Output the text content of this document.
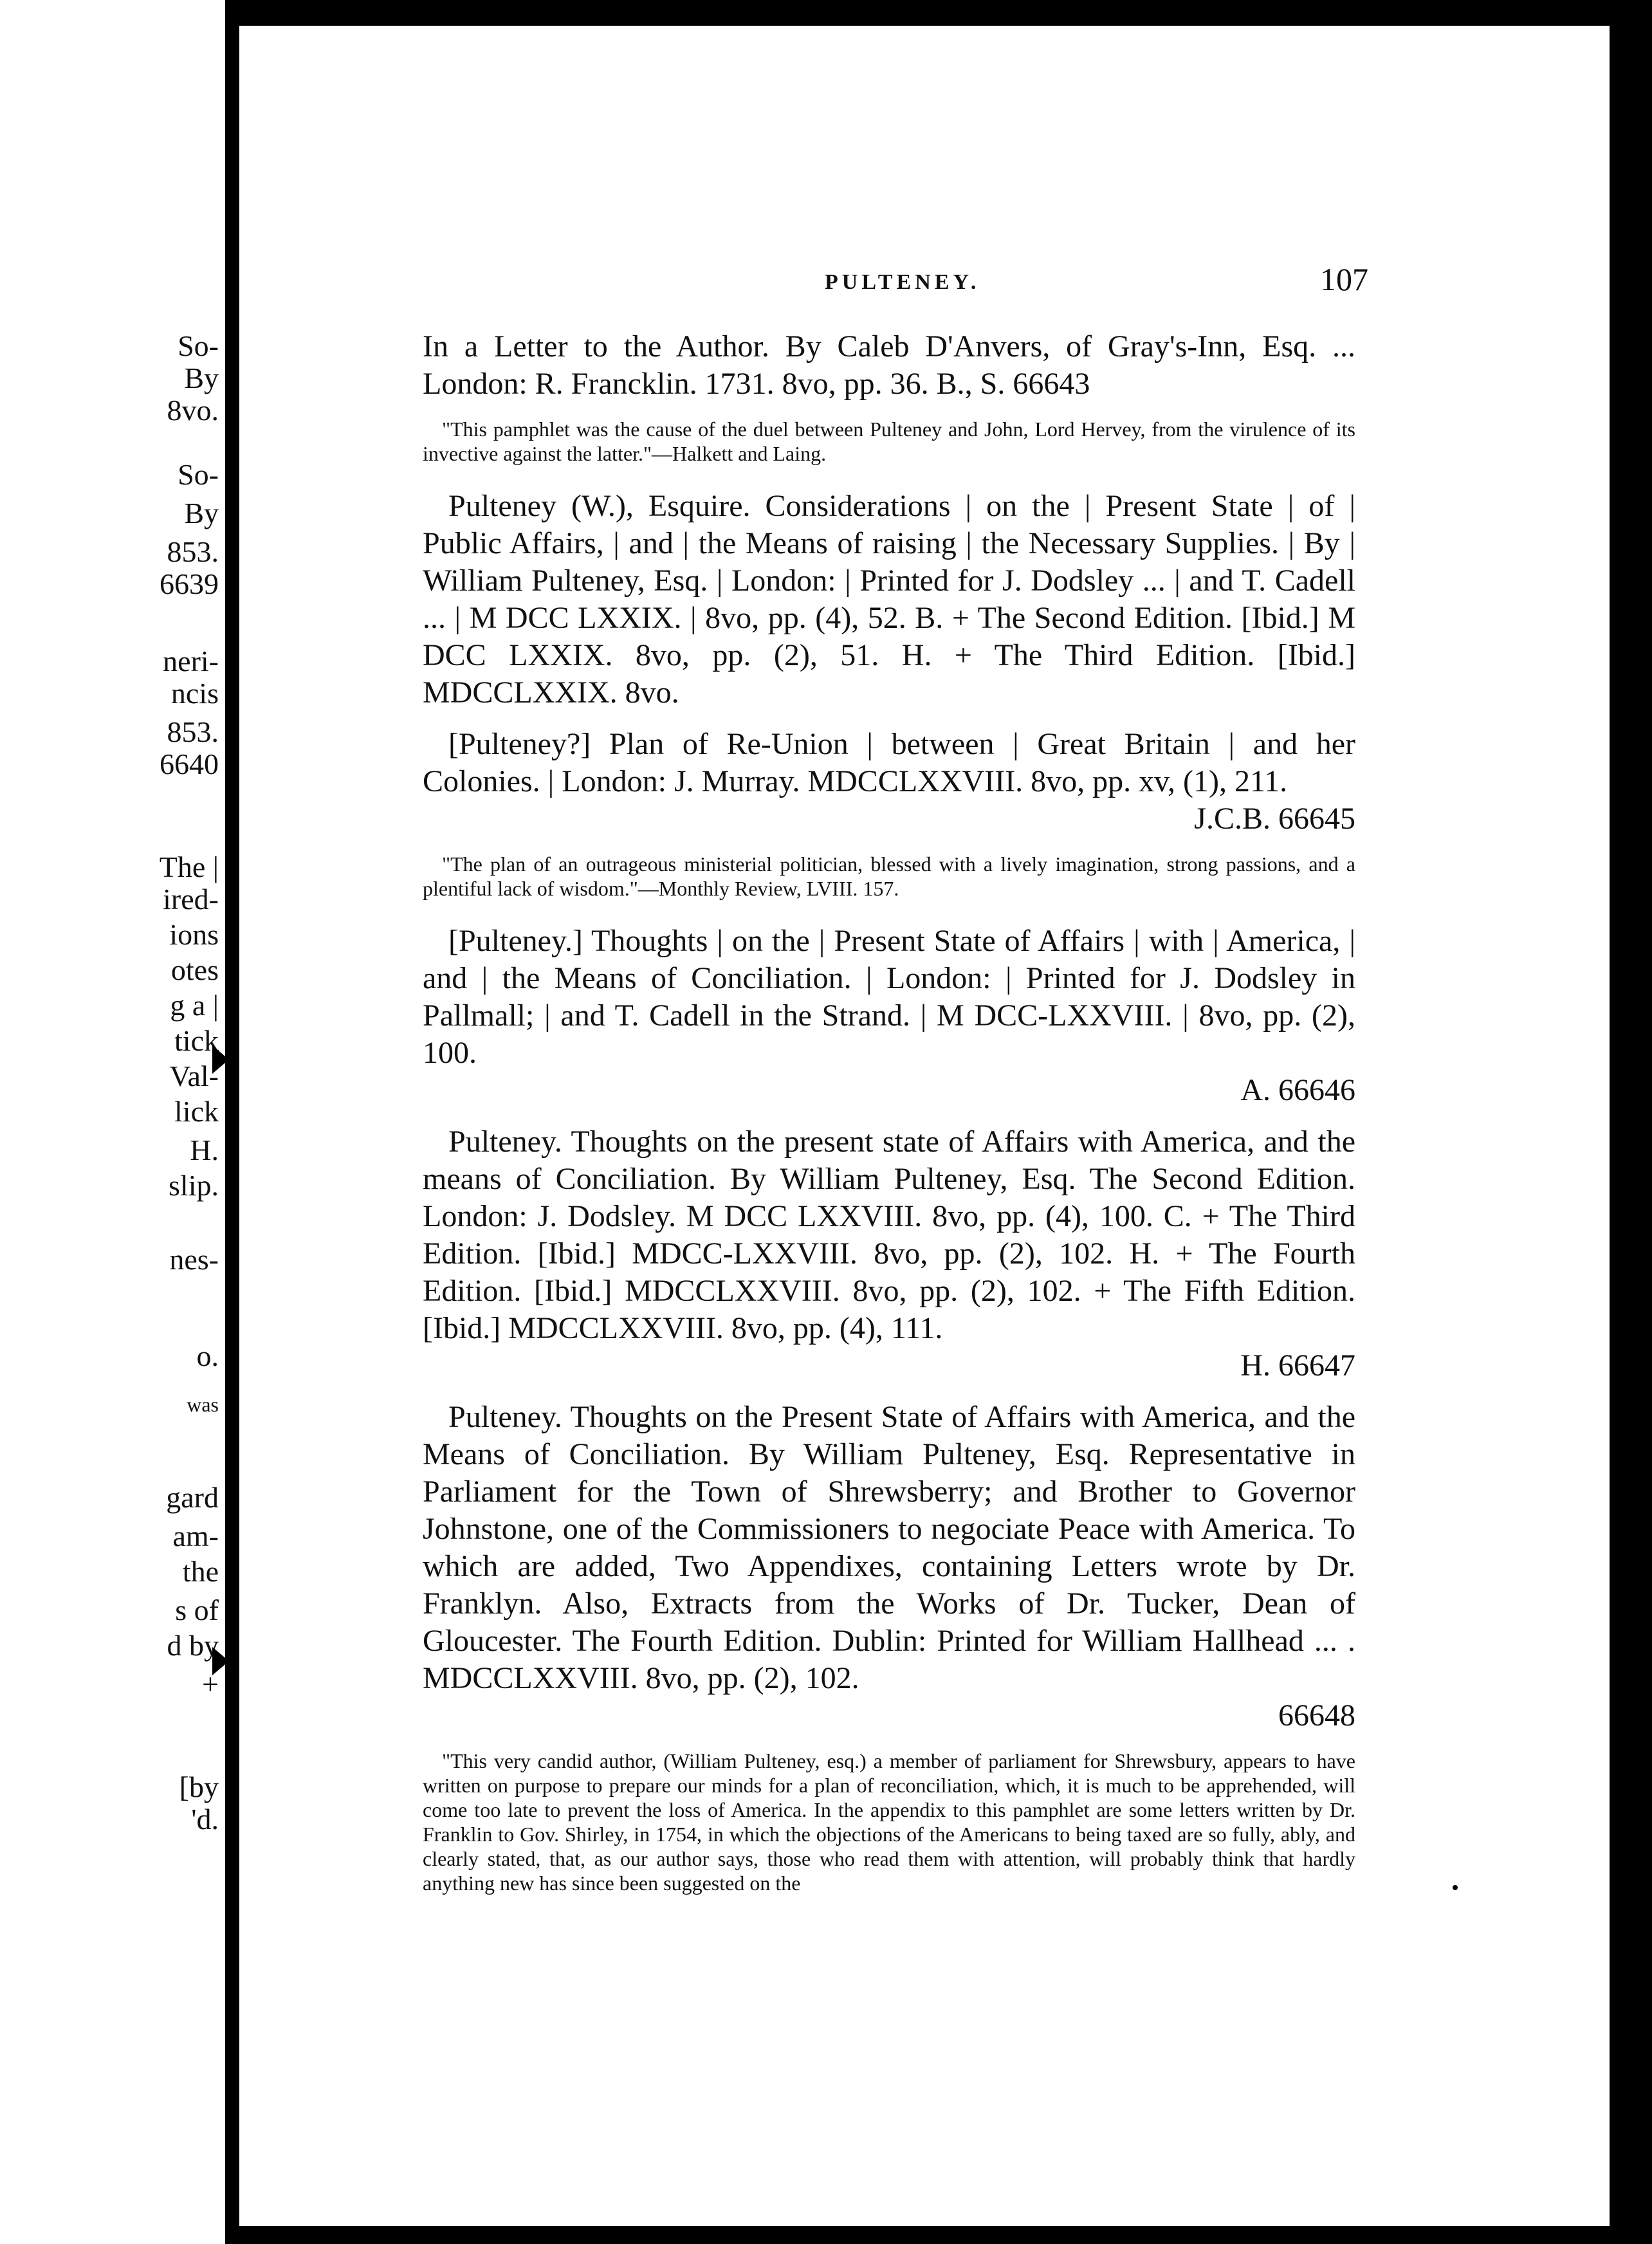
So-
By
8vo.
So-
By
853.
6639
neri-
ncis
853.
6640
The |
ired-
ions
otes
g a |
tick
Val-
lick
H.
slip.
nes-
o.
was
gard
am-
the
s of
d by
+
[by
'd.
PULTENEY.	107

In a Letter to the Author. By Caleb D'Anvers, of Gray's-Inn, Esq. ... London: R. Francklin. 1731. 8vo, pp. 36. B., S. 66643

"This pamphlet was the cause of the duel between Pulteney and John, Lord Hervey, from the virulence of its invective against the latter."—Halkett and Laing.

Pulteney (W.), Esquire. Considerations | on the | Present State | of | Public Affairs, | and | the Means of raising | the Necessary Supplies. | By | William Pulteney, Esq. | London: | Printed for J. Dodsley ... | and T. Cadell ... | M DCC LXXIX. | 8vo, pp. (4), 52. B. + The Second Edition. [Ibid.] M DCC LXXIX. 8vo, pp. (2), 51. H. + The Third Edition. [Ibid.] MDCCLXXIX. 8vo.

[Pulteney?] Plan of Re-Union | between | Great Britain | and her Colonies. | London: J. Murray. MDCCLXXVIII. 8vo, pp. xv, (1), 211.
J.C.B. 66645

"The plan of an outrageous ministerial politician, blessed with a lively imagination, strong passions, and a plentiful lack of wisdom."—Monthly Review, LVIII. 157.

[Pulteney.] Thoughts | on the | Present State of Affairs | with | America, | and | the Means of Conciliation. | London: | Printed for J. Dodsley in Pallmall; | and T. Cadell in the Strand. | M DCC-LXXVIII. | 8vo, pp. (2), 100.
A. 66646

Pulteney. Thoughts on the present state of Affairs with America, and the means of Conciliation. By William Pulteney, Esq. The Second Edition. London: J. Dodsley. M DCC LXXVIII. 8vo, pp. (4), 100. C. + The Third Edition. [Ibid.] MDCC-LXXVIII. 8vo, pp. (2), 102. H. + The Fourth Edition. [Ibid.] MDCCLXXVIII. 8vo, pp. (2), 102. + The Fifth Edition. [Ibid.] MDCCLXXVIII. 8vo, pp. (4), 111.
H. 66647

Pulteney. Thoughts on the Present State of Affairs with America, and the Means of Conciliation. By William Pulteney, Esq. Representative in Parliament for the Town of Shrewsberry; and Brother to Governor Johnstone, one of the Commissioners to negociate Peace with America. To which are added, Two Appendixes, containing Letters wrote by Dr. Franklyn. Also, Extracts from the Works of Dr. Tucker, Dean of Gloucester. The Fourth Edition. Dublin: Printed for William Hallhead ... . MDCCLXXVIII. 8vo, pp. (2), 102.
66648

"This very candid author, (William Pulteney, esq.) a member of parliament for Shrewsbury, appears to have written on purpose to prepare our minds for a plan of reconciliation, which, it is much to be apprehended, will come too late to prevent the loss of America. In the appendix to this pamphlet are some letters written by Dr. Franklin to Gov. Shirley, in 1754, in which the objections of the Americans to being taxed are so fully, ably, and clearly stated, that, as our author says, those who read them with attention, will probably think that hardly anything new has since been suggested on the
